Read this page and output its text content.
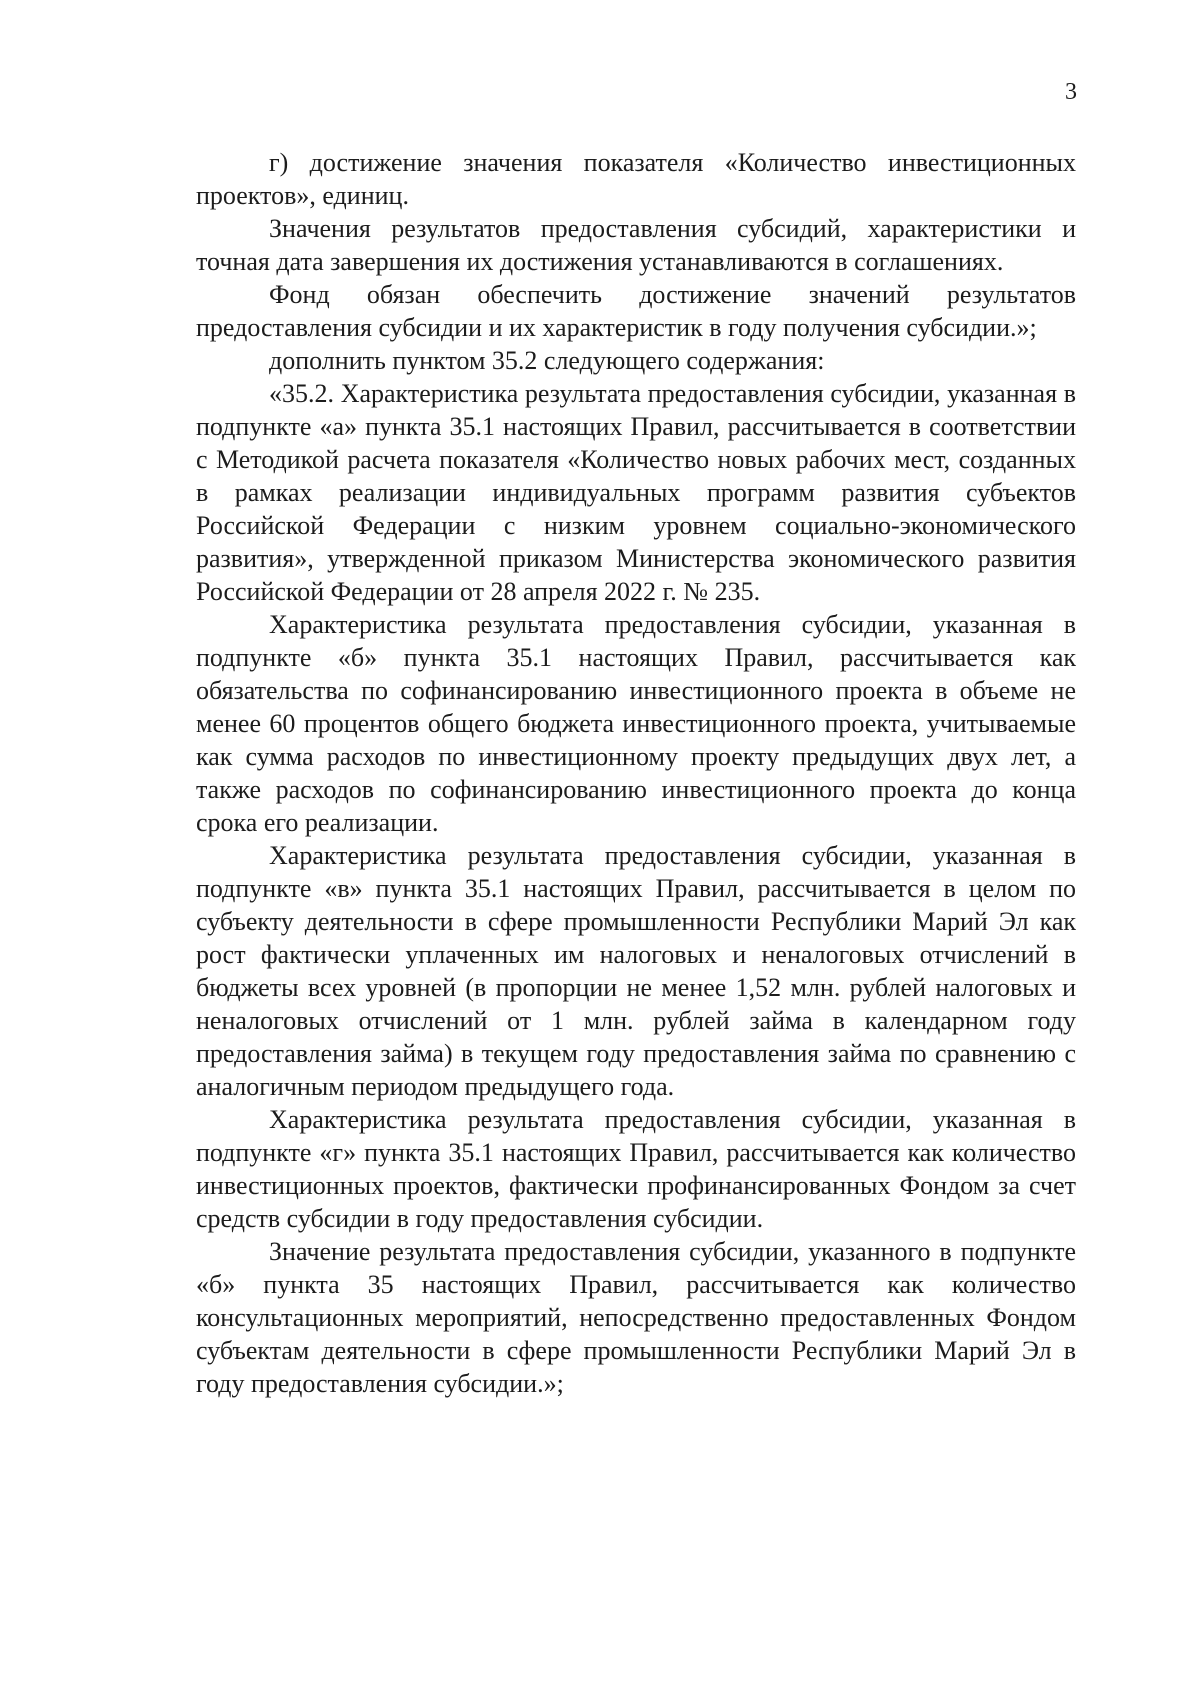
3

г) достижение значения показателя «Количество инвестиционных проектов», единиц.

Значения результатов предоставления субсидий, характеристики и точная дата завершения их достижения устанавливаются в соглашениях.

Фонд обязан обеспечить достижение значений результатов предоставления субсидии и их характеристик в году получения субсидии.»;

дополнить пунктом 35.2 следующего содержания:

«35.2. Характеристика результата предоставления субсидии, указанная в подпункте «а» пункта 35.1 настоящих Правил, рассчитывается в соответствии с Методикой расчета показателя «Количество новых рабочих мест, созданных в рамках реализации индивидуальных программ развития субъектов Российской Федерации с низким уровнем социально-экономического развития», утвержденной приказом Министерства экономического развития Российской Федерации от 28 апреля 2022 г. № 235.

Характеристика результата предоставления субсидии, указанная в подпункте «б» пункта 35.1 настоящих Правил, рассчитывается как обязательства по софинансированию инвестиционного проекта в объеме не менее 60 процентов общего бюджета инвестиционного проекта, учитываемые как сумма расходов по инвестиционному проекту предыдущих двух лет, а также расходов по софинансированию инвестиционного проекта до конца срока его реализации.

Характеристика результата предоставления субсидии, указанная в подпункте «в» пункта 35.1 настоящих Правил, рассчитывается в целом по субъекту деятельности в сфере промышленности Республики Марий Эл как рост фактически уплаченных им налоговых и неналоговых отчислений в бюджеты всех уровней (в пропорции не менее 1,52 млн. рублей налоговых и неналоговых отчислений от 1 млн. рублей займа в календарном году предоставления займа) в текущем году предоставления займа по сравнению с аналогичным периодом предыдущего года.

Характеристика результата предоставления субсидии, указанная в подпункте «г» пункта 35.1 настоящих Правил, рассчитывается как количество инвестиционных проектов, фактически профинансированных Фондом за счет средств субсидии в году предоставления субсидии.

Значение результата предоставления субсидии, указанного в подпункте «б» пункта 35 настоящих Правил, рассчитывается как количество консультационных мероприятий, непосредственно предоставленных Фондом субъектам деятельности в сфере промышленности Республики Марий Эл в году предоставления субсидии.»;
